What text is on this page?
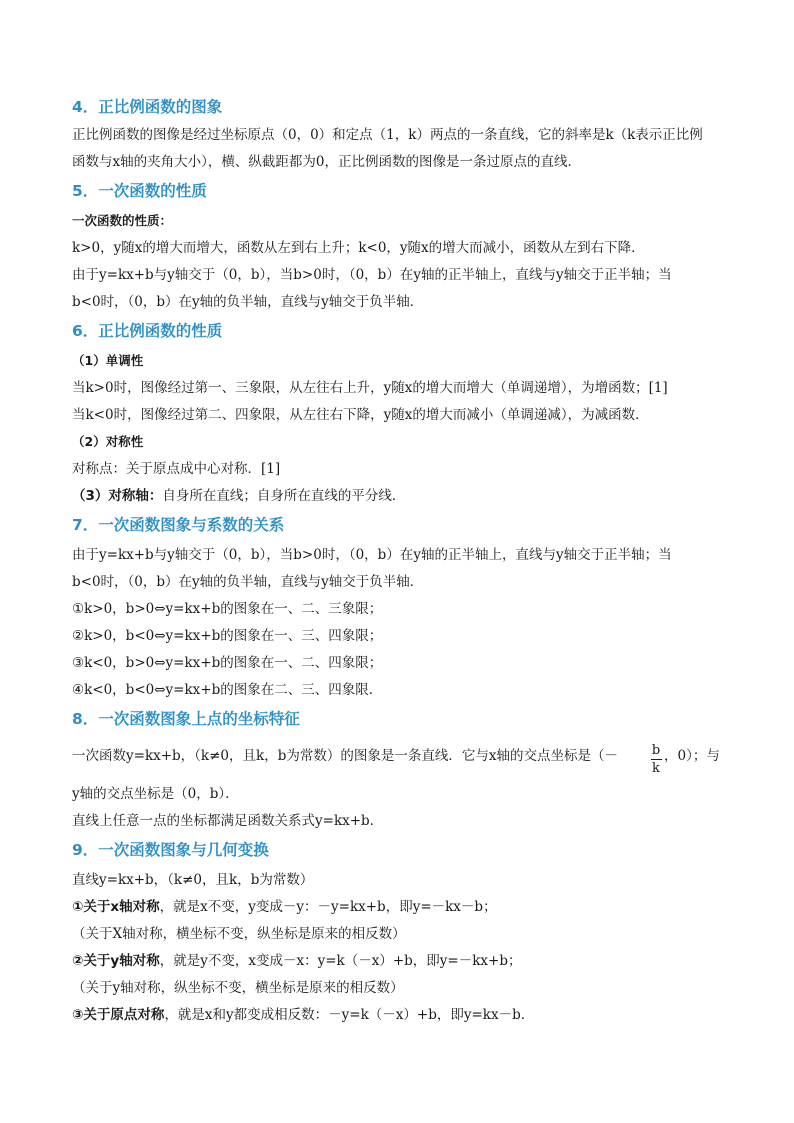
4．正比例函数的图象
正比例函数的图像是经过坐标原点（0，0）和定点（1，k）两点的一条直线，它的斜率是k（k表示正比例
函数与x轴的夹角大小），横、纵截距都为0，正比例函数的图像是一条过原点的直线．
5．一次函数的性质
一次函数的性质：
k>0，y随x的增大而增大，函数从左到右上升；k<0，y随x的增大而减小，函数从左到右下降．
由于y=kx+b与y轴交于（0，b），当b>0时，（0，b）在y轴的正半轴上，直线与y轴交于正半轴；当
b<0时，（0，b）在y轴的负半轴，直线与y轴交于负半轴．
6．正比例函数的性质
（1）单调性
当k>0时，图像经过第一、三象限，从左往右上升，y随x的增大而增大（单调递增），为增函数；[1]
当k<0时，图像经过第二、四象限，从左往右下降，y随x的增大而减小（单调递减），为减函数．
（2）对称性
对称点：关于原点成中心对称．[1]
（3）对称轴：自身所在直线；自身所在直线的平分线．
7．一次函数图象与系数的关系
由于y=kx+b与y轴交于（0，b），当b>0时，（0，b）在y轴的正半轴上，直线与y轴交于正半轴；当
b<0时，（0，b）在y轴的负半轴，直线与y轴交于负半轴．
①k>0，b>0⇔y=kx+b的图象在一、二、三象限；
②k>0，b<0⇔y=kx+b的图象在一、三、四象限；
③k<0，b>0⇔y=kx+b的图象在一、二、四象限；
④k<0，b<0⇔y=kx+b的图象在二、三、四象限．
8．一次函数图象上点的坐标特征
一次函数y=kx+b，（k≠0，且k，b为常数）的图象是一条直线．它与x轴的交点坐标是（－	b
k
，0）；与
y轴的交点坐标是（0，b）．
直线上任意一点的坐标都满足函数关系式y=kx+b．
9．一次函数图象与几何变换
直线y=kx+b，（k≠0，且k，b为常数）
①关于x轴对称，就是x不变，y变成－y：－y=kx+b，即y=－kx－b；
（关于X轴对称，横坐标不变，纵坐标是原来的相反数）
②关于y轴对称，就是y不变，x变成－x：y=k（－x）+b，即y=－kx+b；
（关于y轴对称，纵坐标不变，横坐标是原来的相反数）
③关于原点对称，就是x和y都变成相反数：－y=k（－x）+b，即y=kx－b．
